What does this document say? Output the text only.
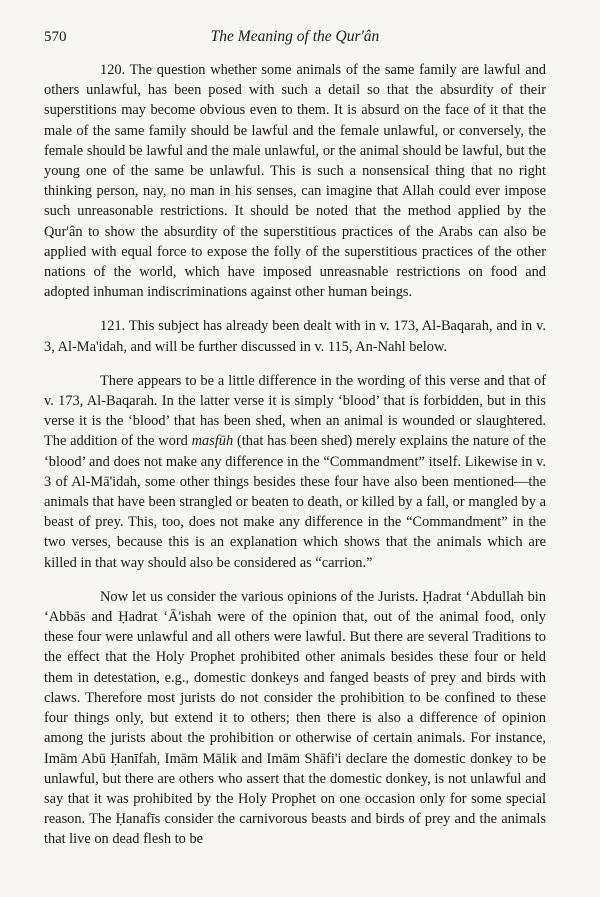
570	The Meaning of the Qur'ân

120. The question whether some animals of the same family are lawful and others unlawful, has been posed with such a detail so that the absurdity of their superstitions may become obvious even to them. It is absurd on the face of it that the male of the same family should be lawful and the female unlawful, or conversely, the female should be lawful and the male unlawful, or the animal should be lawful, but the young one of the same be unlawful. This is such a nonsensical thing that no right thinking person, nay, no man in his senses, can imagine that Allah could ever impose such unreasonable restrictions. It should be noted that the method applied by the Qur'ân to show the absurdity of the superstitious practices of the Arabs can also be applied with equal force to expose the folly of the superstitious practices of the other nations of the world, which have imposed unreasnable restrictions on food and adopted inhuman indiscriminations against other human beings.

121. This subject has already been dealt with in v. 173, Al-Baqarah, and in v. 3, Al-Ma'idah, and will be further discussed in v. 115, An-Nahl below.

There appears to be a little difference in the wording of this verse and that of v. 173, Al-Baqarah. In the latter verse it is simply ‘blood’ that is forbidden, but in this verse it is the ‘blood’ that has been shed, when an animal is wounded or slaughtered. The addition of the word masfūh (that has been shed) merely explains the nature of the ‘blood’ and does not make any difference in the “Commandment” itself. Likewise in v. 3 of Al-Mā'idah, some other things besides these four have also been mentioned—the animals that have been strangled or beaten to death, or killed by a fall, or mangled by a beast of prey. This, too, does not make any difference in the “Commandment” in the two verses, because this is an explanation which shows that the animals which are killed in that way should also be considered as “carrion.”

Now let us consider the various opinions of the Jurists. Ḥadrat ‘Abdullah bin ‘Abbās and Ḥadrat ‘Ā'ishah were of the opinion that, out of the animal food, only these four were unlawful and all others were lawful. But there are several Traditions to the effect that the Holy Prophet prohibited other animals besides these four or held them in detestation, e.g., domestic donkeys and fanged beasts of prey and birds with claws. Therefore most jurists do not consider the prohibition to be confined to these four things only, but extend it to others; then there is also a difference of opinion among the jurists about the prohibition or otherwise of certain animals. For instance, Imām Abū Ḥanīfah, Imām Mālik and Imām Shāfi'i declare the domestic donkey to be unlawful, but there are others who assert that the domestic donkey, is not unlawful and say that it was prohibited by the Holy Prophet on one occasion only for some special reason. The Ḥanafīs consider the carnivorous beasts and birds of prey and the animals that live on dead flesh to be
